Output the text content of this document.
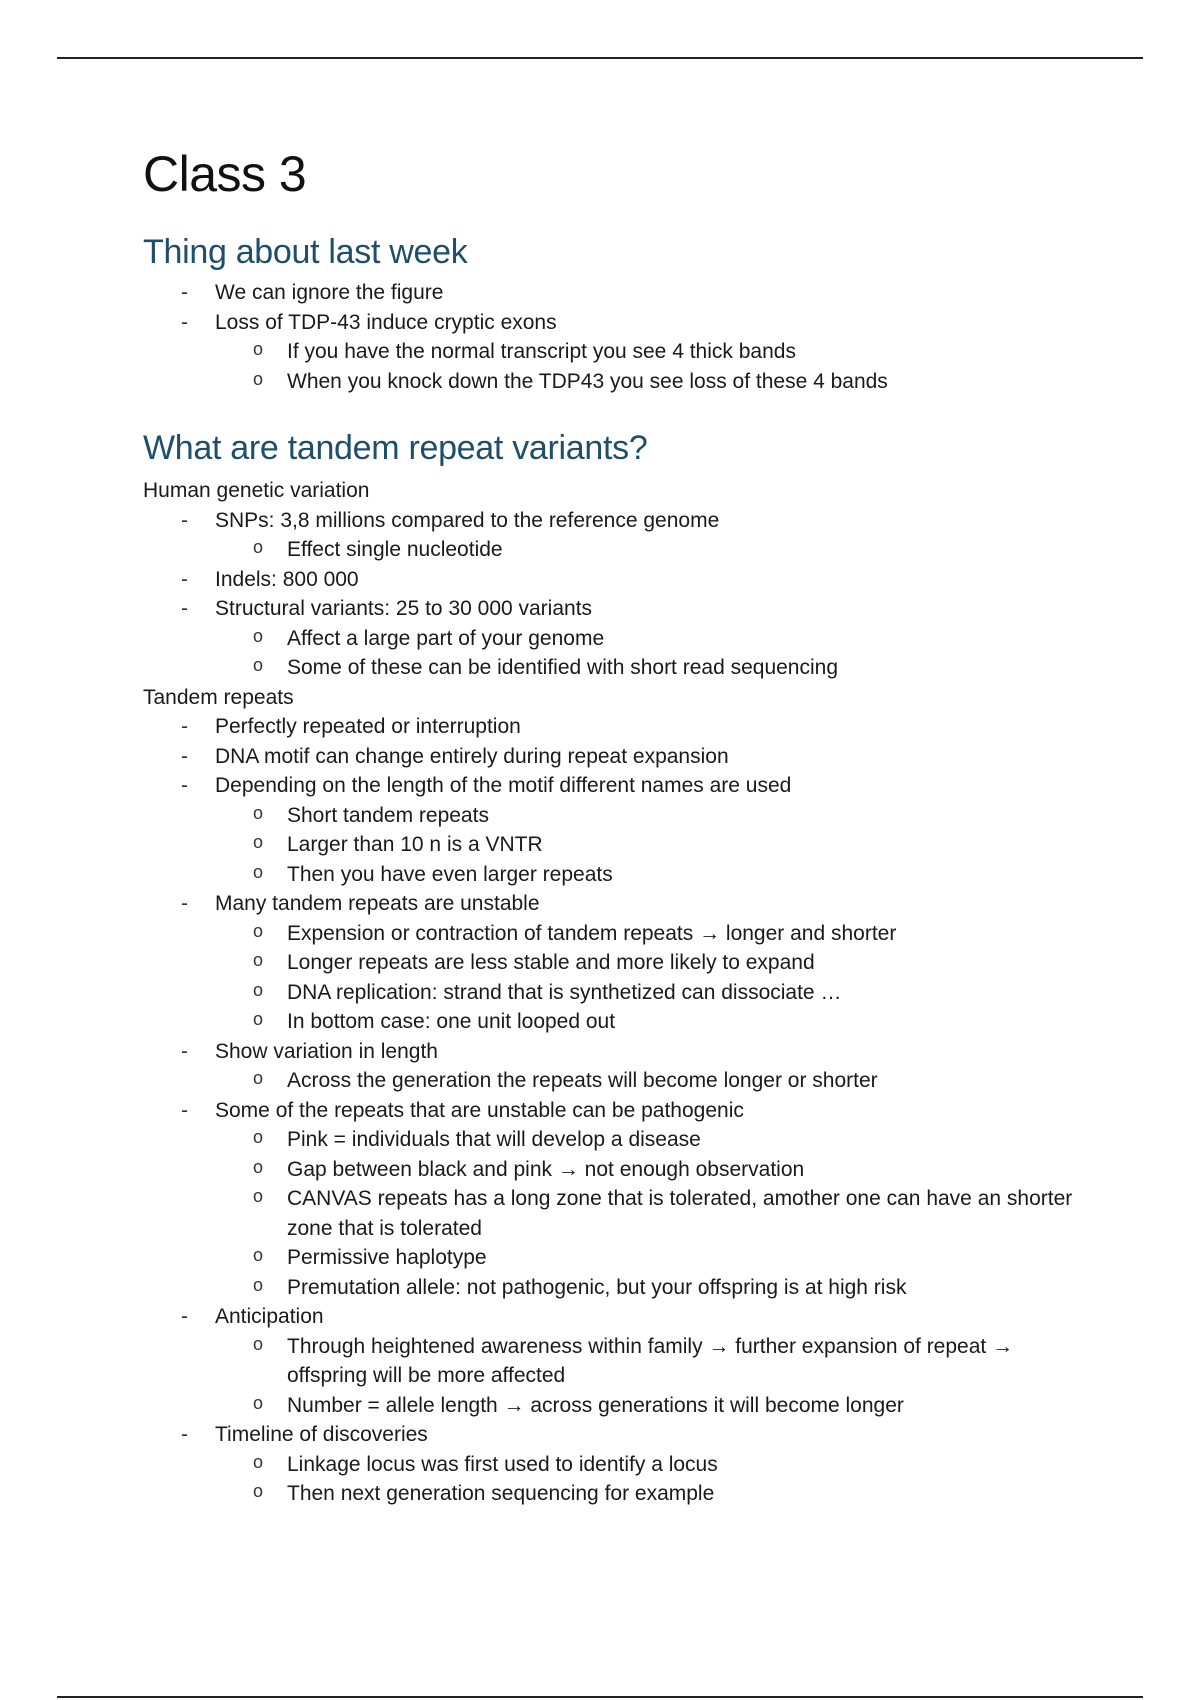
Class 3
Thing about last week
- We can ignore the figure
- Loss of TDP-43 induce cryptic exons
o If you have the normal transcript you see 4 thick bands
o When you knock down the TDP43 you see loss of these 4 bands
What are tandem repeat variants?

Human genetic variation

- SNPs: 3,8 millions compared to the reference genome
o Effect single nucleotide
- Indels: 800 000
- Structural variants: 25 to 30 000 variants
o Affect a large part of your genome
o Some of these can be identified with short read sequencing

Tandem repeats

- Perfectly repeated or interruption
- DNA motif can change entirely during repeat expansion
- Depending on the length of the motif different names are used
o Short tandem repeats
o Larger than 10 n is a VNTR
o Then you have even larger repeats
- Many tandem repeats are unstable
o Expension or contraction of tandem repeats → longer and shorter
o Longer repeats are less stable and more likely to expand
o DNA replication: strand that is synthetized can dissociate …
o In bottom case: one unit looped out
- Show variation in length
o Across the generation the repeats will become longer or shorter
- Some of the repeats that are unstable can be pathogenic
o Pink = individuals that will develop a disease
o Gap between black and pink → not enough observation
o CANVAS repeats has a long zone that is tolerated, amother one can have an shorter zone that is tolerated
o Permissive haplotype
o Premutation allele: not pathogenic, but your offspring is at high risk
- Anticipation
o Through heightened awareness within family → further expansion of repeat → offspring will be more affected
o Number = allele length → across generations it will become longer
- Timeline of discoveries
o Linkage locus was first used to identify a locus
o Then next generation sequencing for example
